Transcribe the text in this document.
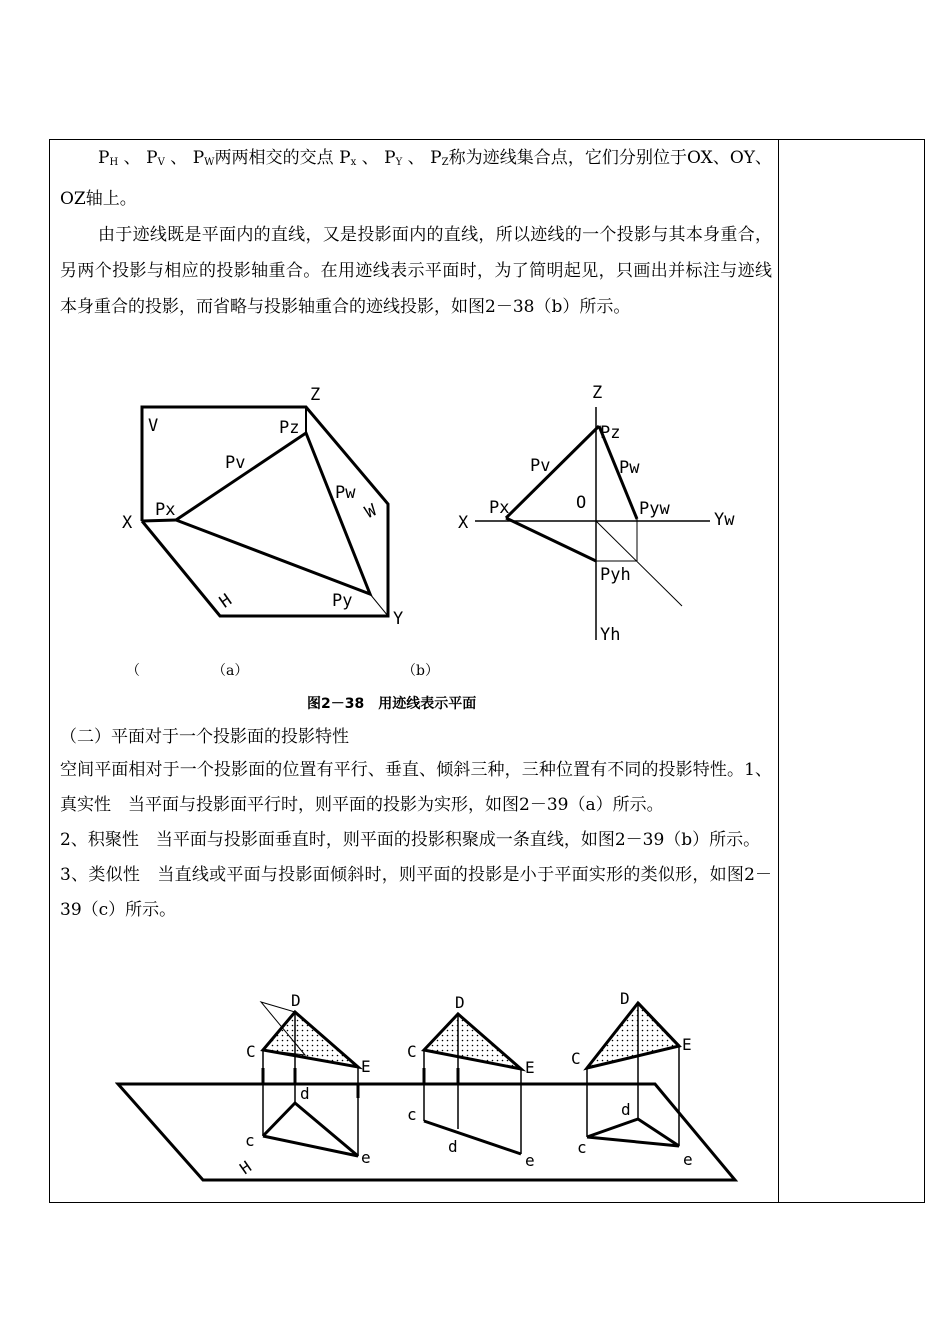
$P_H$ 、 $P_V$ 、 $P_W$两两相交的交点 $P_x$ 、 $P_Y$ 、 $P_Z$称为迹线集合点，它们分别位于OX、OY、OZ轴上。

由于迹线既是平面内的直线，又是投影面内的直线，所以迹线的一个投影与其本身重合，另两个投影与相应的投影轴重合。在用迹线表示平面时，为了简明起见，只画出并标注与迹线本身重合的投影，而省略与投影轴重合的迹线投影，如图2－38（b）所示。

V
X
Z
Pz
Pv
Pw
W
Px
H	Py
Y
Z
Pz
Pv	Pw
O
X
Px	Pyw
Yw
Pyh
Yh
（	（a）	（b）
图2－38　用迹线表示平面

（二）平面对于一个投影面的投影特性

空间平面相对于一个投影面的位置有平行、垂直、倾斜三种，三种位置有不同的投影特性。1、真实性　当平面与投影面平行时，则平面的投影为实形，如图2－39（a）所示。

2、积聚性　当平面与投影面垂直时，则平面的投影积聚成一条直线，如图2－39（b）所示。

3、类似性　当直线或平面与投影面倾斜时，则平面的投影是小于平面实形的类似形，如图2－39（c）所示。

D
C
E
d
c
e
H
D
C
E
c
d
e
D
C
E
d
c
e
